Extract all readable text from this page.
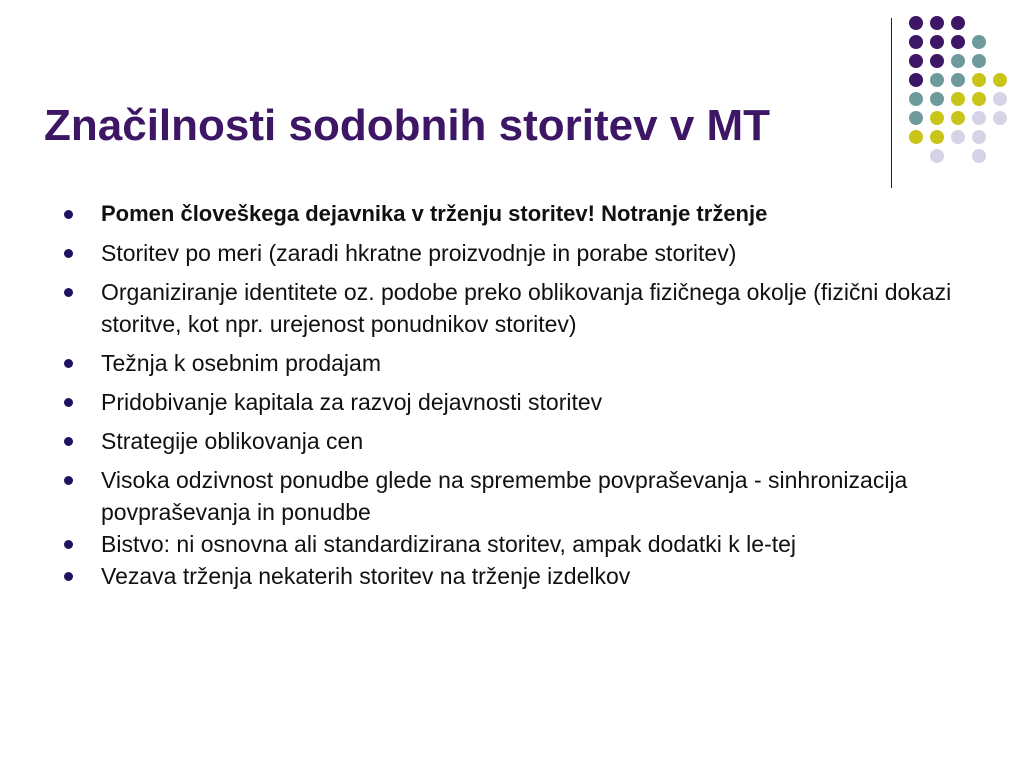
Značilnosti sodobnih storitev v MT
Pomen človeškega dejavnika v trženju storitev! Notranje trženje
Storitev po meri (zaradi hkratne proizvodnje in porabe storitev)
Organiziranje identitete oz. podobe preko oblikovanja fizičnega okolje (fizični dokazi storitve, kot npr. urejenost ponudnikov storitev)
Težnja k osebnim prodajam
Pridobivanje kapitala za razvoj dejavnosti storitev
Strategije oblikovanja cen
Visoka odzivnost ponudbe glede na spremembe povpraševanja - sinhronizacija povpraševanja in ponudbe
Bistvo: ni osnovna ali standardizirana storitev, ampak dodatki k le-tej
Vezava trženja nekaterih storitev na trženje izdelkov
